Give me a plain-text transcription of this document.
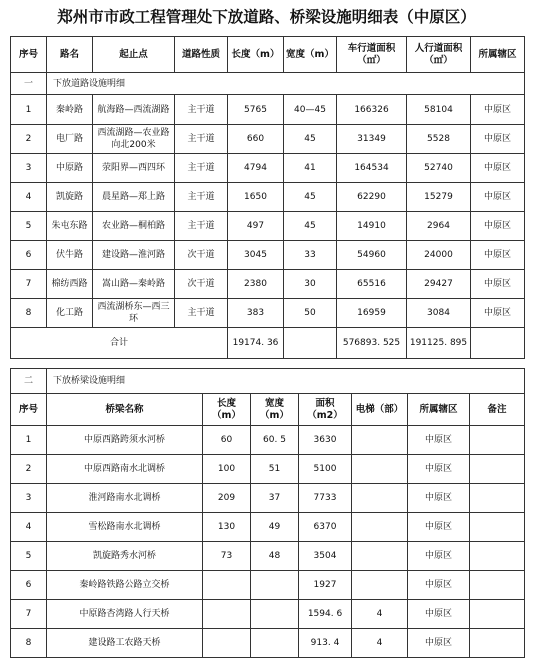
郑州市市政工程管理处下放道路、桥梁设施明细表（中原区）
序号	路名	起止点	道路性质	长度（m）	宽度（m）	车行道面积（㎡）	人行道面积（㎡）	所属辖区
一	下放道路设施明细							
1	秦岭路	航海路—西流湖路	主干道	5765	40—45	166326	58104	中原区
2	电厂路	西流湖路—农业路向北200米	主干道	660	45	31349	5528	中原区
3	中原路	荥阳界—西四环	主干道	4794	41	164534	52740	中原区
4	凯旋路	晨星路—郑上路	主干道	1650	45	62290	15279	中原区
5	朱屯东路	农业路—桐柏路	主干道	497	45	14910	2964	中原区
6	伏牛路	建设路—淮河路	次干道	3045	33	54960	24000	中原区
7	棉纺西路	嵩山路—秦岭路	次干道	2380	30	65516	29427	中原区
8	化工路	西流湖桥东—西三环	主干道	383	50	16959	3084	中原区
合计				19174. 36		576893. 525	191125. 895	
二	下放桥梁设施明细						
序号	桥梁名称	长度（m）	宽度（m）	面积（m2）	电梯（部）	所属辖区	备注
1	中原西路跨须水河桥	60	60. 5	3630		中原区	
2	中原西路南水北调桥	100	51	5100		中原区	
3	淮河路南水北调桥	209	37	7733		中原区	
4	雪松路南水北调桥	130	49	6370		中原区	
5	凯旋路秀水河桥	73	48	3504		中原区	
6	秦岭路铁路公路立交桥			1927		中原区	
7	中原路杏湾路人行天桥			1594. 6	4	中原区	
8	建设路工农路天桥			913. 4	4	中原区	
